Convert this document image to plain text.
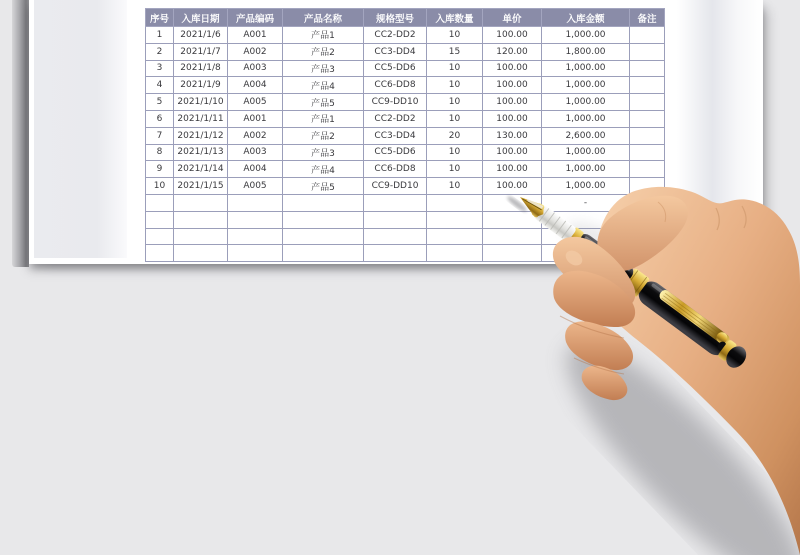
序号	入库日期	产品编码	产品名称	规格型号	入库数量	单价	入库金额	备注
1	2021/1/6	A001	产品1	CC2-DD2	10	100.00	1,000.00	
2	2021/1/7	A002	产品2	CC3-DD4	15	120.00	1,800.00	
3	2021/1/8	A003	产品3	CC5-DD6	10	100.00	1,000.00	
4	2021/1/9	A004	产品4	CC6-DD8	10	100.00	1,000.00	
5	2021/1/10	A005	产品5	CC9-DD10	10	100.00	1,000.00	
6	2021/1/11	A001	产品1	CC2-DD2	10	100.00	1,000.00	
7	2021/1/12	A002	产品2	CC3-DD4	20	130.00	2,600.00	
8	2021/1/13	A003	产品3	CC5-DD6	10	100.00	1,000.00	
9	2021/1/14	A004	产品4	CC6-DD8	10	100.00	1,000.00	
10	2021/1/15	A005	产品5	CC9-DD10	10	100.00	1,000.00	
							-	
